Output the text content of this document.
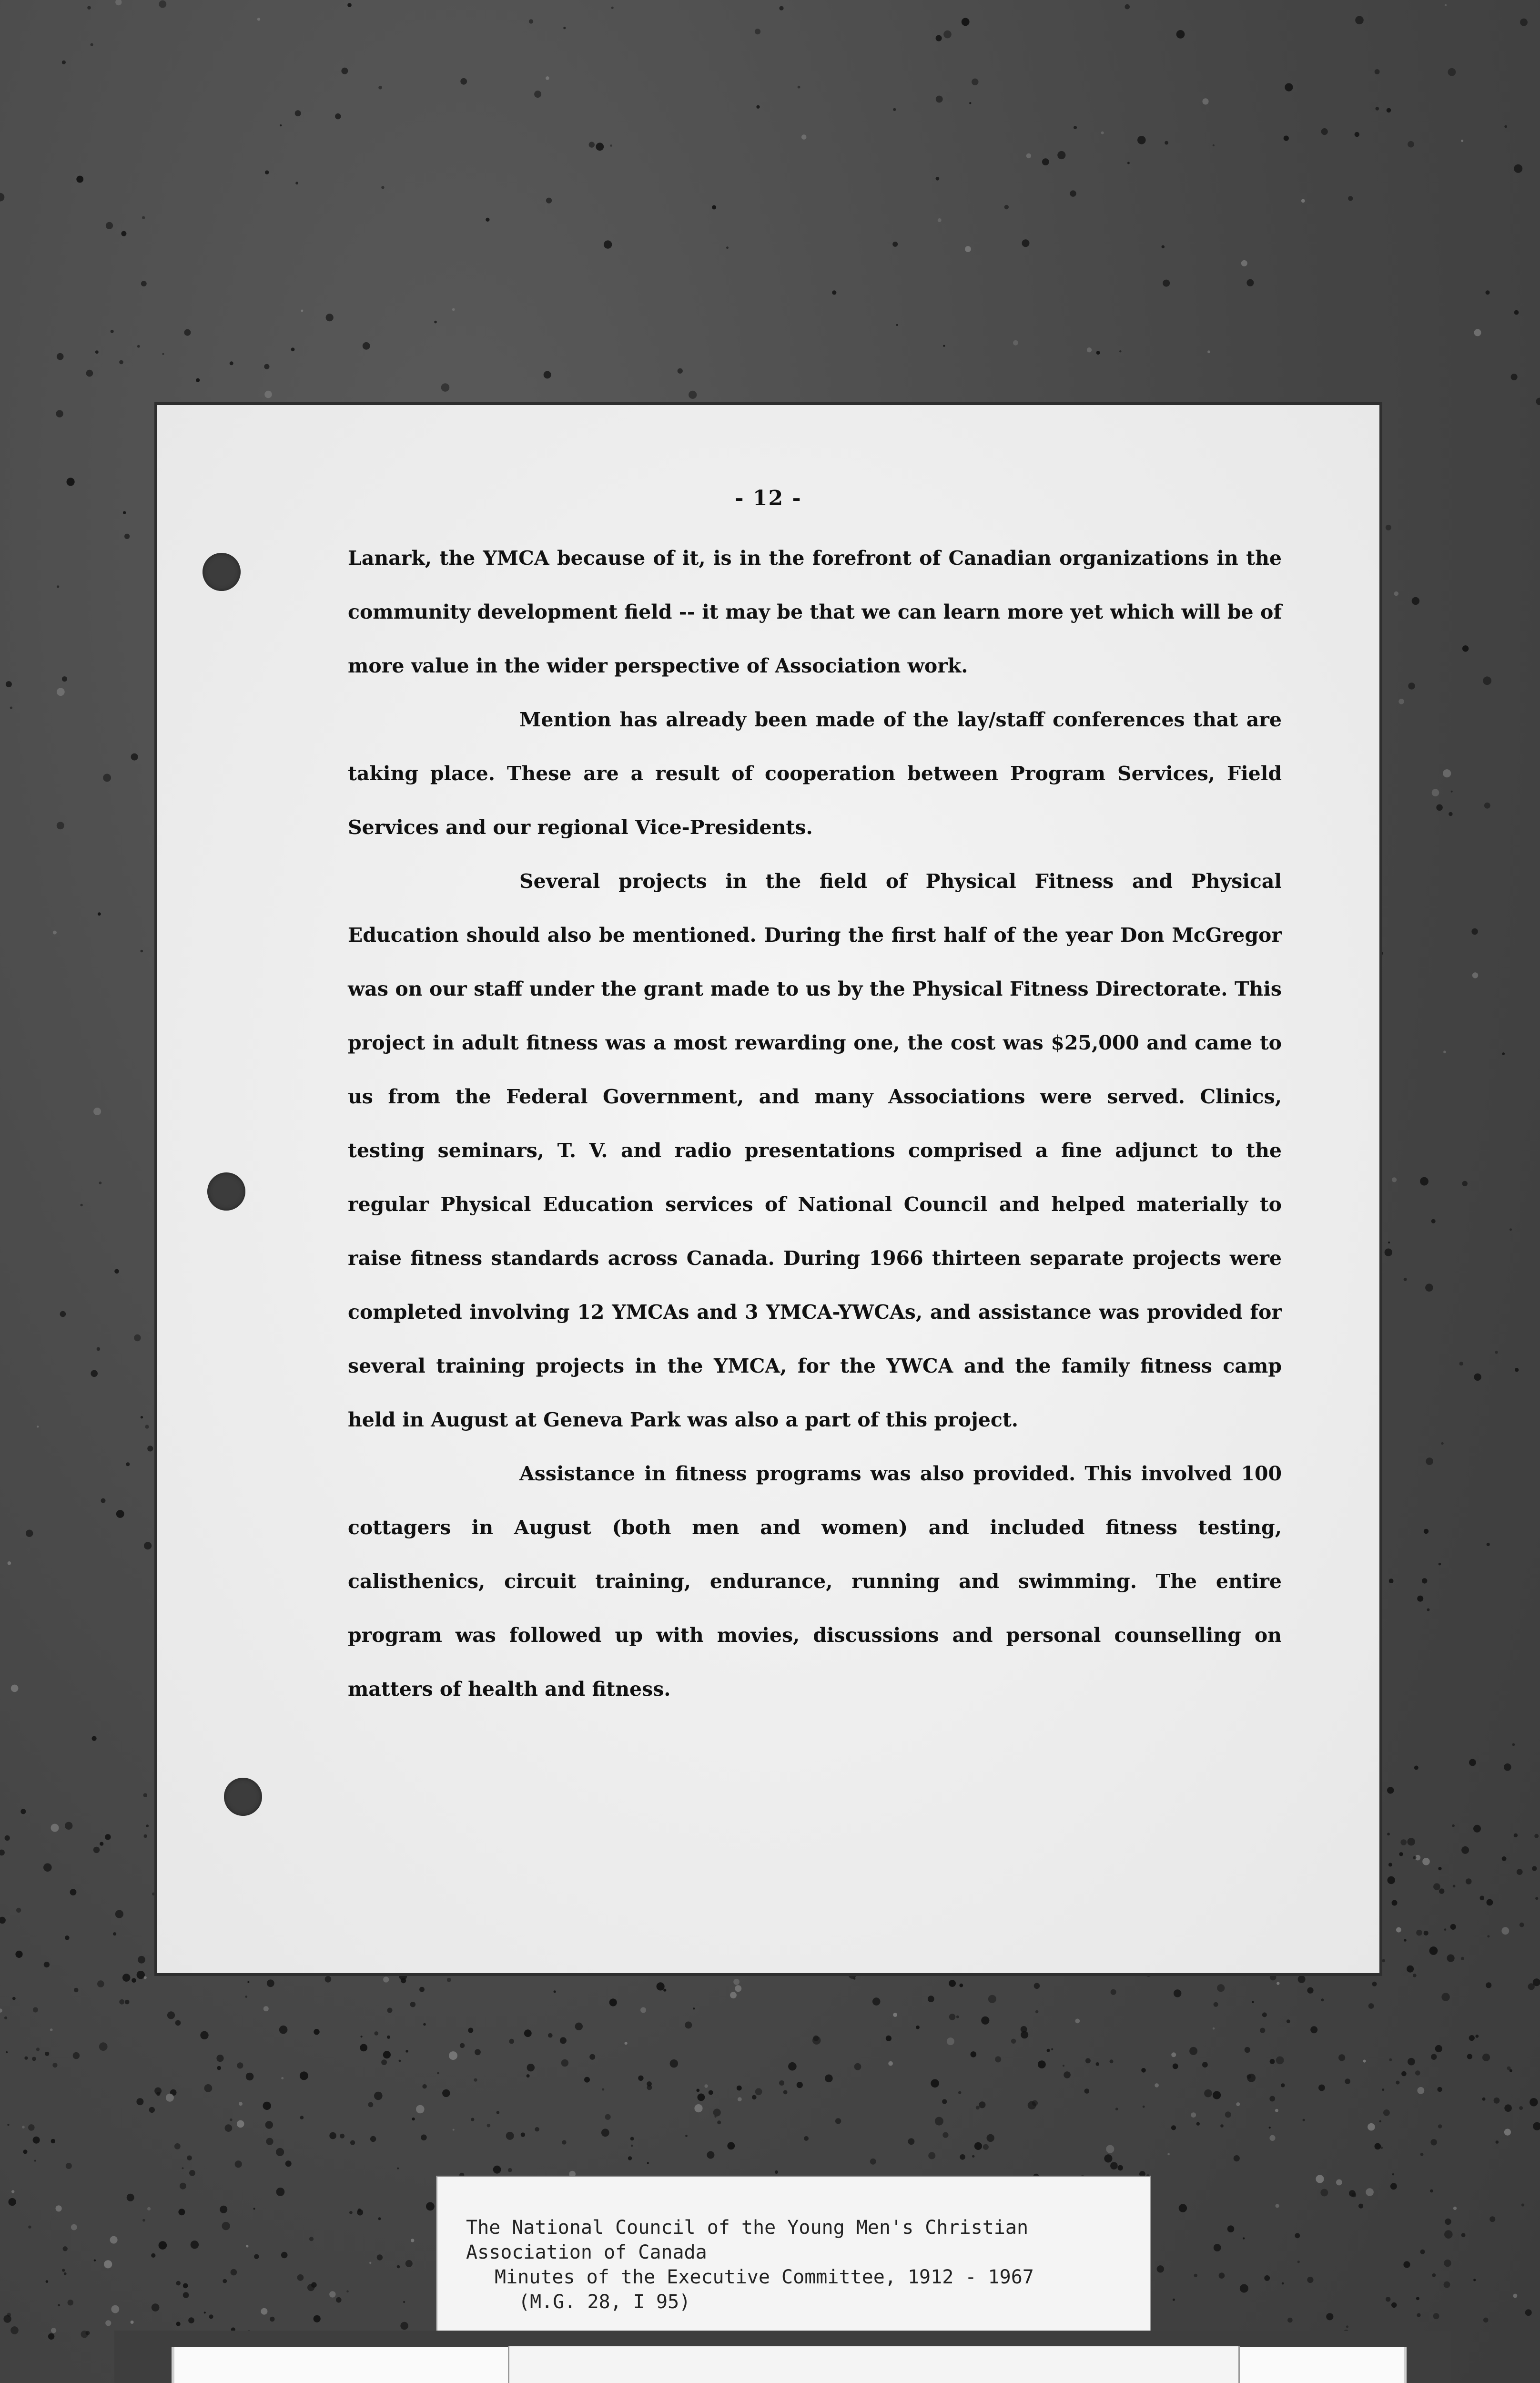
- 12 -

Lanark, the YMCA because of it, is in the forefront of Canadian organizations in the community development field -- it may be that we can learn more yet which will be of more value in the wider perspective of Association work.

Mention has already been made of the lay/staff conferences that are taking place. These are a result of cooperation between Program Services, Field Services and our regional Vice-Presidents.

Several projects in the field of Physical Fitness and Physical Education should also be mentioned. During the first half of the year Don McGregor was on our staff under the grant made to us by the Physical Fitness Directorate. This project in adult fitness was a most rewarding one, the cost was $25,000 and came to us from the Federal Government, and many Associations were served. Clinics, testing seminars, T. V. and radio presentations comprised a fine adjunct to the regular Physical Education services of National Council and helped materially to raise fitness standards across Canada. During 1966 thirteen separate projects were completed involving 12 YMCAs and 3 YMCA-YWCAs, and assistance was provided for several training projects in the YMCA, for the YWCA and the family fitness camp held in August at Geneva Park was also a part of this project.

Assistance in fitness programs was also provided. This involved 100 cottagers in August (both men and women) and included fitness testing, calisthenics, circuit training, endurance, running and swimming. The entire program was followed up with movies, discussions and personal counselling on matters of health and fitness.

The National Council of the Young Men's Christian
Association of Canada
Minutes of the Executive Committee, 1912 - 1967
(M.G. 28, I 95)
